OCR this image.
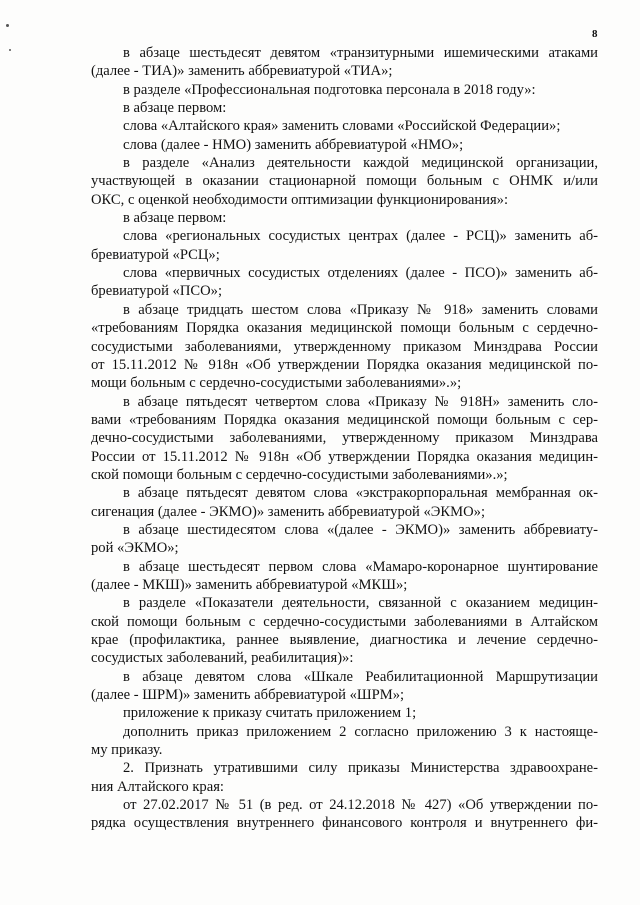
8
в абзаце шестьдесят девятом «транзитурными ишемическими атаками
(далее - ТИА)» заменить аббревиатурой «ТИА»;
в разделе «Профессиональная подготовка персонала в 2018 году»:
в абзаце первом:
слова «Алтайского края» заменить словами «Российской Федерации»;
слова (далее - НМО) заменить аббревиатурой «НМО»;
в разделе «Анализ деятельности каждой медицинской организации,
участвующей в оказании стационарной помощи больным с ОНМК и/или
ОКС, с оценкой необходимости оптимизации функционирования»:
в абзаце первом:
слова «региональных сосудистых центрах (далее - РСЦ)» заменить аб-
бревиатурой «РСЦ»;
слова «первичных сосудистых отделениях (далее - ПСО)» заменить аб-
бревиатурой «ПСО»;
в абзаце тридцать шестом слова «Приказу № 918» заменить словами
«требованиям Порядка оказания медицинской помощи больным с сердечно-
сосудистыми заболеваниями, утвержденному приказом Минздрава России
от 15.11.2012 № 918н «Об утверждении Порядка оказания медицинской по-
мощи больным с сердечно-сосудистыми заболеваниями».»;
в абзаце пятьдесят четвертом слова «Приказу № 918Н» заменить сло-
вами «требованиям Порядка оказания медицинской помощи больным с сер-
дечно-сосудистыми заболеваниями, утвержденному приказом Минздрава
России от 15.11.2012 № 918н «Об утверждении Порядка оказания медицин-
ской помощи больным с сердечно-сосудистыми заболеваниями».»;
в абзаце пятьдесят девятом слова «экстракорпоральная мембранная ок-
сигенация (далее - ЭКМО)» заменить аббревиатурой «ЭКМО»;
в абзаце шестидесятом слова «(далее - ЭКМО)» заменить аббревиату-
рой «ЭКМО»;
в абзаце шестьдесят первом слова «Мамаро-коронарное шунтирование
(далее - МКШ)» заменить аббревиатурой «МКШ»;
в разделе «Показатели деятельности, связанной с оказанием медицин-
ской помощи больным с сердечно-сосудистыми заболеваниями в Алтайском
крае (профилактика, раннее выявление, диагностика и лечение сердечно-
сосудистых заболеваний, реабилитация)»:
в абзаце девятом слова «Шкале Реабилитационной Маршрутизации
(далее - ШРМ)» заменить аббревиатурой «ШРМ»;
приложение к приказу считать приложением 1;
дополнить приказ приложением 2 согласно приложению 3 к настояще-
му приказу.
2. Признать утратившими силу приказы Министерства здравоохране-
ния Алтайского края:
от 27.02.2017 № 51 (в ред. от 24.12.2018 № 427) «Об утверждении по-
рядка осуществления внутреннего финансового контроля и внутреннего фи-
